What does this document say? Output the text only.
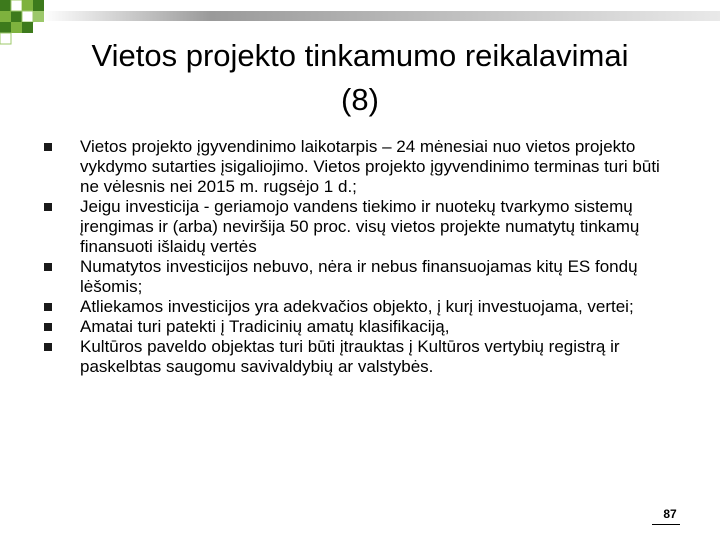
Vietos projekto tinkamumo reikalavimai (8)
Vietos projekto įgyvendinimo laikotarpis – 24 mėnesiai nuo vietos projekto vykdymo sutarties įsigaliojimo. Vietos projekto įgyvendinimo terminas turi būti ne vėlesnis nei 2015 m. rugsėjo 1 d.;
Jeigu investicija - geriamojo vandens tiekimo ir nuotekų tvarkymo sistemų įrengimas ir (arba) neviršija 50 proc. visų vietos projekte numatytų tinkamų finansuoti išlaidų vertės
Numatytos investicijos nebuvo, nėra ir nebus finansuojamas kitų ES fondų lėšomis;
Atliekamos investicijos yra adekvačios objekto, į kurį investuojama, vertei;
Amatai turi patekti į Tradicinių amatų klasifikaciją,
Kultūros paveldo objektas turi būti įtrauktas į Kultūros vertybių registrą ir paskelbtas saugomu savivaldybių ar valstybės.
87
